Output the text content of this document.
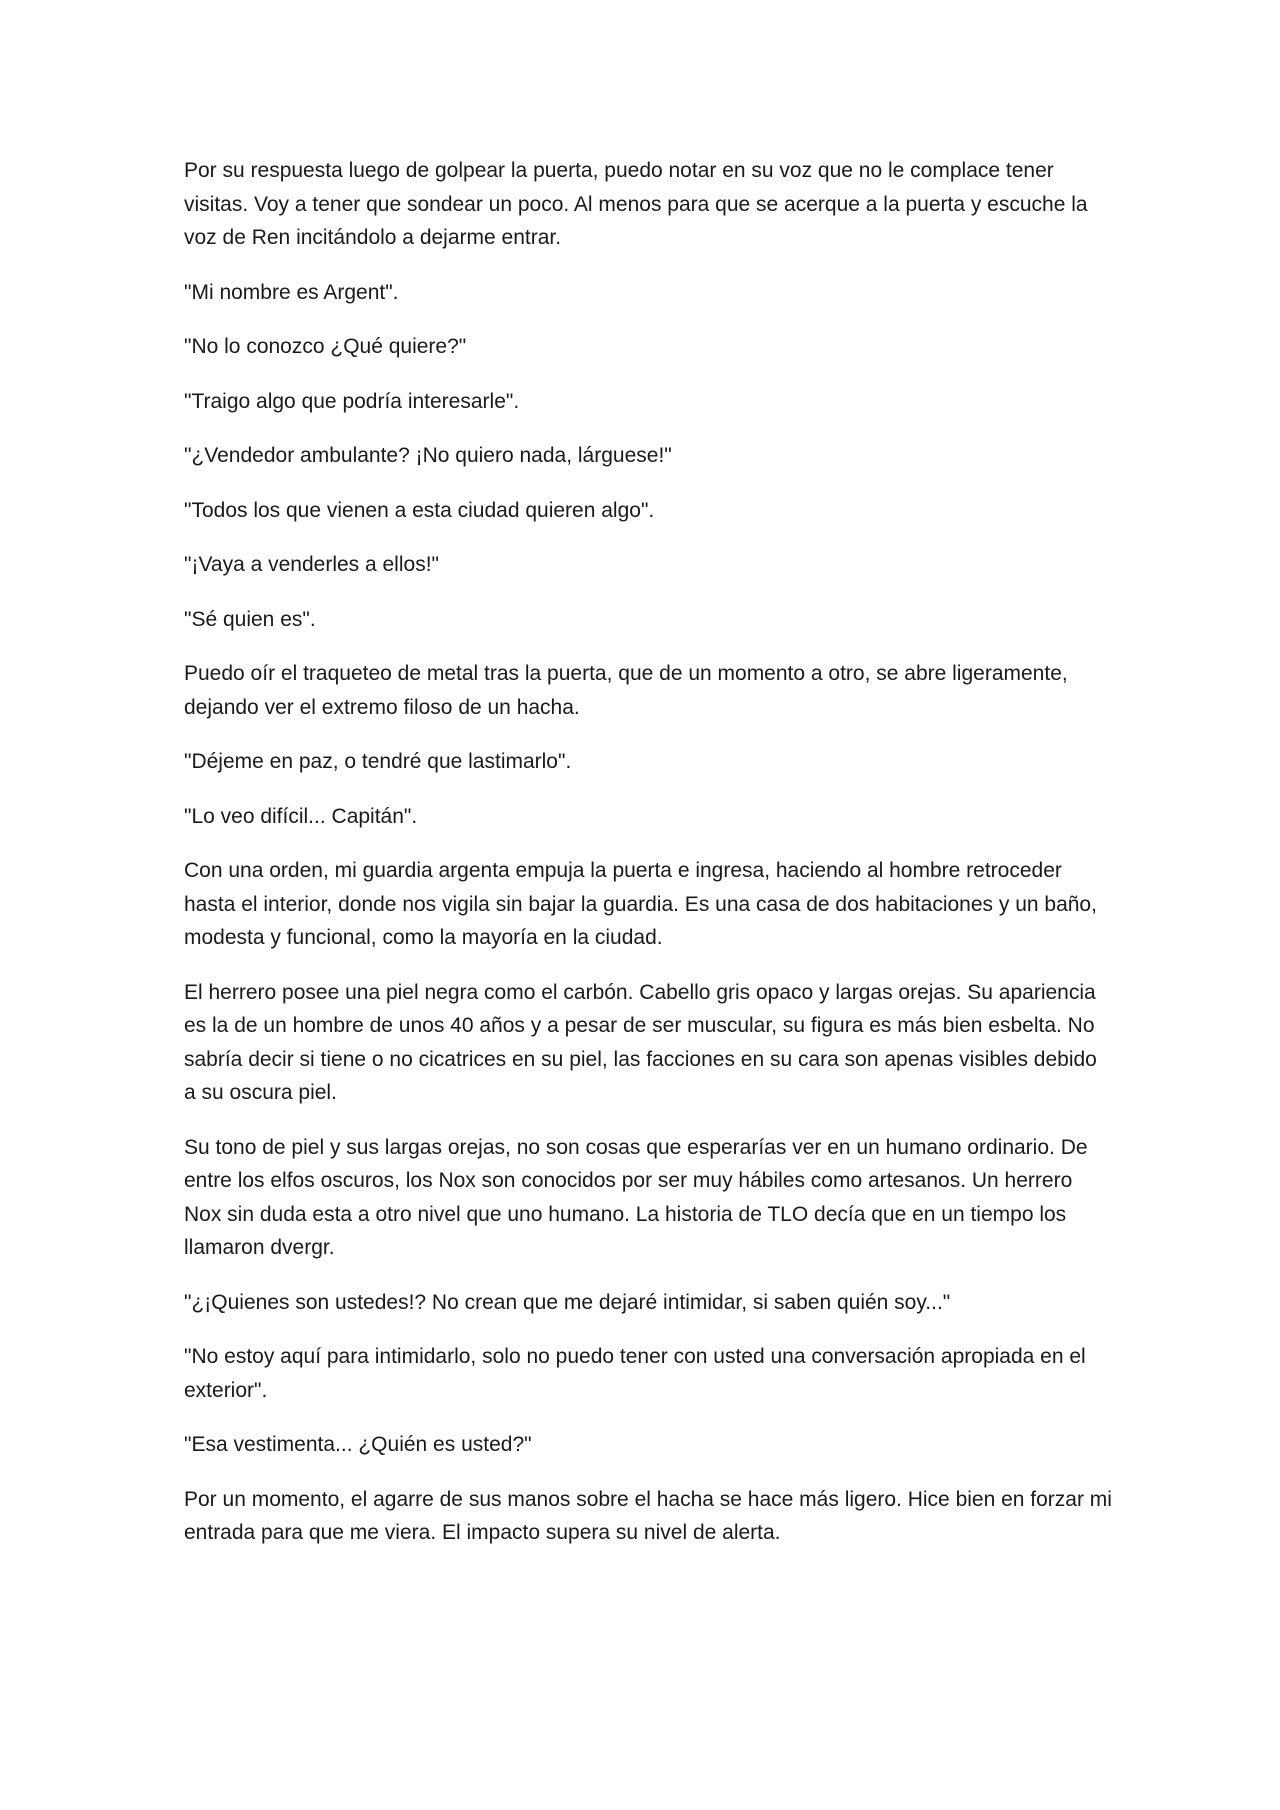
Por su respuesta luego de golpear la puerta, puedo notar en su voz que no le complace tener visitas. Voy a tener que sondear un poco. Al menos para que se acerque a la puerta y escuche la voz de Ren incitándolo a dejarme entrar.

"Mi nombre es Argent".

"No lo conozco ¿Qué quiere?"

"Traigo algo que podría interesarle".

"¿Vendedor ambulante? ¡No quiero nada, lárguese!"

"Todos los que vienen a esta ciudad quieren algo".

"¡Vaya a venderles a ellos!"

"Sé quien es".

Puedo oír el traqueteo de metal tras la puerta, que de un momento a otro, se abre ligeramente, dejando ver el extremo filoso de un hacha.

"Déjeme en paz, o tendré que lastimarlo".

"Lo veo difícil... Capitán".

Con una orden, mi guardia argenta empuja la puerta e ingresa, haciendo al hombre retroceder hasta el interior, donde nos vigila sin bajar la guardia. Es una casa de dos habitaciones y un baño, modesta y funcional, como la mayoría en la ciudad.

El herrero posee una piel negra como el carbón. Cabello gris opaco y largas orejas. Su apariencia es la de un hombre de unos 40 años y a pesar de ser muscular, su figura es más bien esbelta. No sabría decir si tiene o no cicatrices en su piel, las facciones en su cara son apenas visibles debido a su oscura piel.

Su tono de piel y sus largas orejas, no son cosas que esperarías ver en un humano ordinario. De entre los elfos oscuros, los Nox son conocidos por ser muy hábiles como artesanos. Un herrero Nox sin duda esta a otro nivel que uno humano. La historia de TLO decía que en un tiempo los llamaron dvergr.

"¿¡Quienes son ustedes!? No crean que me dejaré intimidar, si saben quién soy..."

"No estoy aquí para intimidarlo, solo no puedo tener con usted una conversación apropiada en el exterior".

"Esa vestimenta... ¿Quién es usted?"

Por un momento, el agarre de sus manos sobre el hacha se hace más ligero. Hice bien en forzar mi entrada para que me viera. El impacto supera su nivel de alerta.
